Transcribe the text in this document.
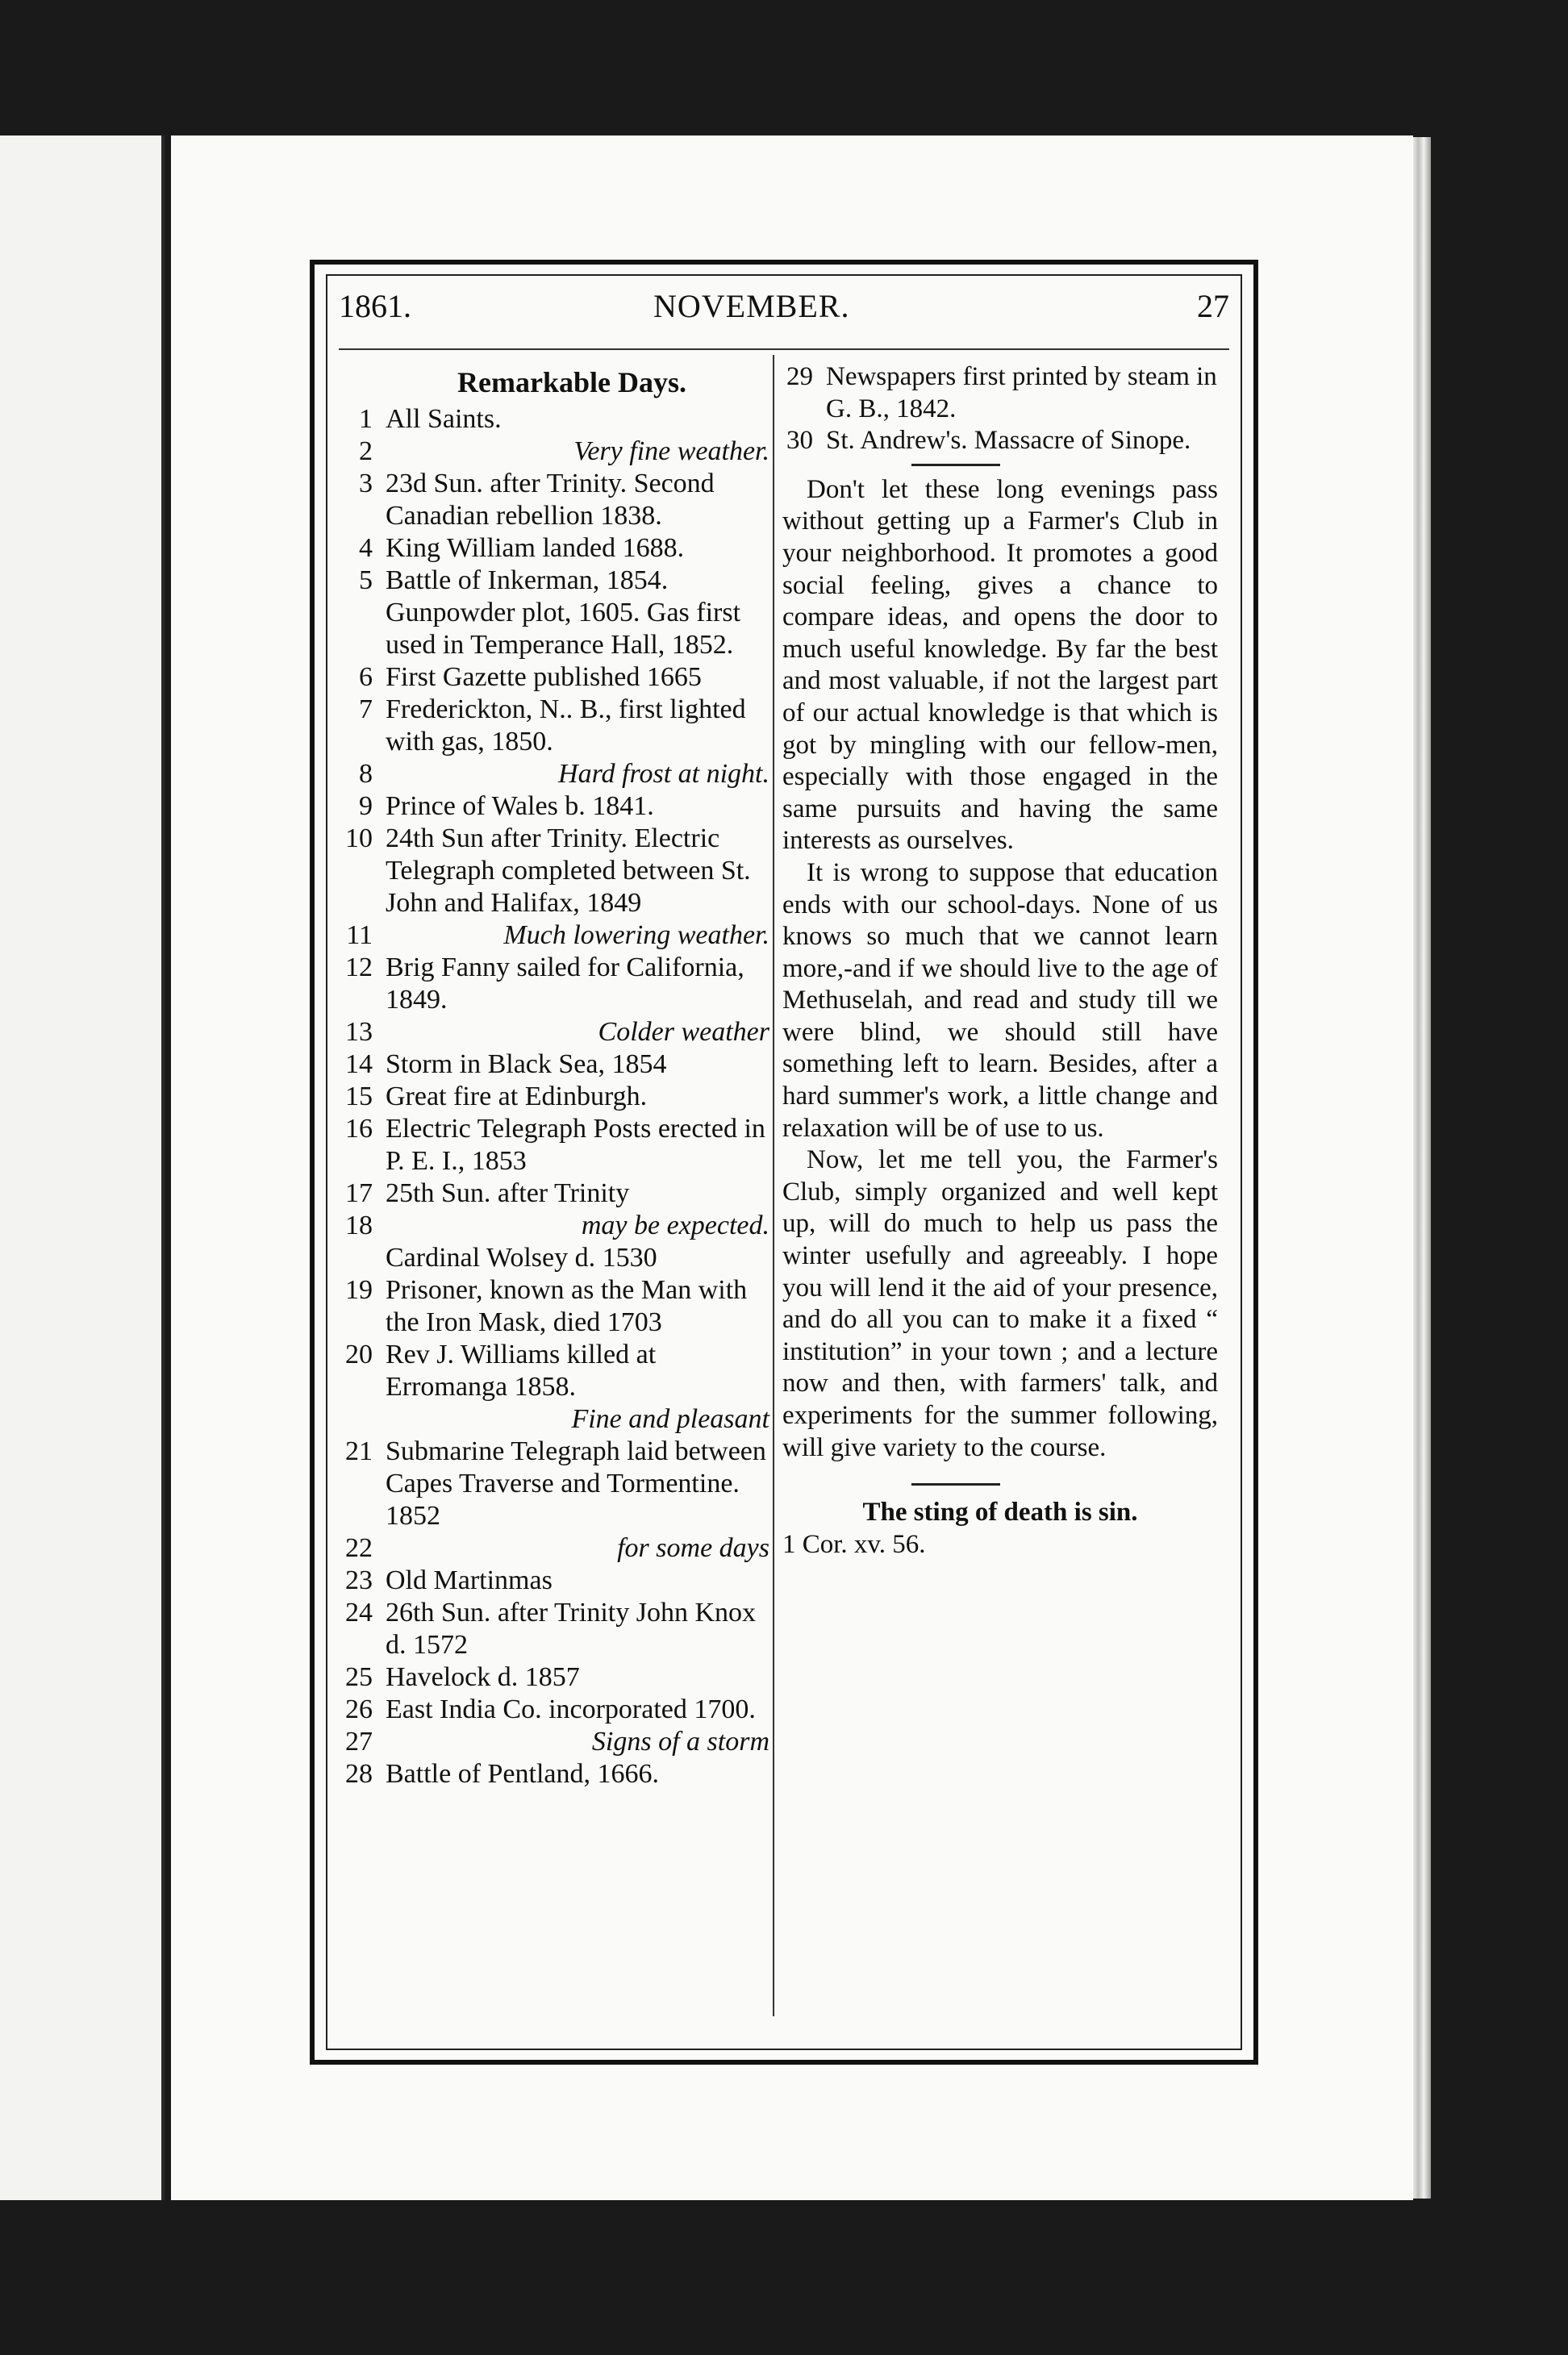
1861.	NOVEMBER.	27
Remarkable Days.
1 All Saints.
2	Very fine weather.
3 23d Sun. after Trinity. Second Canadian rebellion 1838.
4 King William landed 1688.
5 Battle of Inkerman, 1854. Gunpowder plot, 1605. Gas first used in Temperance Hall, 1852.
6 First Gazette published 1665
7 Frederickton, N.. B., first lighted with gas, 1850.
8	Hard frost at night.
9 Prince of Wales b. 1841.
10 24th Sun after Trinity. Electric Telegraph completed between St. John and Halifax, 1849
11	Much lowering weather.
12 Brig Fanny sailed for California, 1849.
13	Colder weather
14 Storm in Black Sea, 1854
15 Great fire at Edinburgh.
16 Electric Telegraph Posts erected in P. E. I., 1853
17 25th Sun. after Trinity
18	may be expected.
Cardinal Wolsey d. 1530
19 Prisoner, known as the Man with the Iron Mask, died 1703
20 Rev J. Williams killed at Erromanga 1858.
Fine and pleasant
21 Submarine Telegraph laid between Capes Traverse and Tormentine. 1852
22	for some days
23 Old Martinmas
24 26th Sun. after Trinity John Knox d. 1572
25 Havelock d. 1857
26 East India Co. incorporated 1700.
27	Signs of a storm
28 Battle of Pentland, 1666.
29 Newspapers first printed by steam in G. B., 1842.
30 St. Andrew's. Massacre of Sinope.
Don't let these long evenings pass without getting up a Farmer's Club in your neighborhood. It promotes a good social feeling, gives a chance to compare ideas, and opens the door to much useful knowledge. By far the best and most valuable, if not the largest part of our actual knowledge is that which is got by mingling with our fellow-men, especially with those engaged in the same pursuits and having the same interests as ourselves.
It is wrong to suppose that education ends with our school-days. None of us knows so much that we cannot learn more,-and if we should live to the age of Methuselah, and read and study till we were blind, we should still have something left to learn. Besides, after a hard summer's work, a little change and relaxation will be of use to us.
Now, let me tell you, the Farmer's Club, simply organized and well kept up, will do much to help us pass the winter usefully and agreeably. I hope you will lend it the aid of your presence, and do all you can to make it a fixed “ institution” in your town ; and a lecture now and then, with farmers' talk, and experiments for the summer following, will give variety to the course.
The sting of death is sin.
1 Cor. xv. 56.
